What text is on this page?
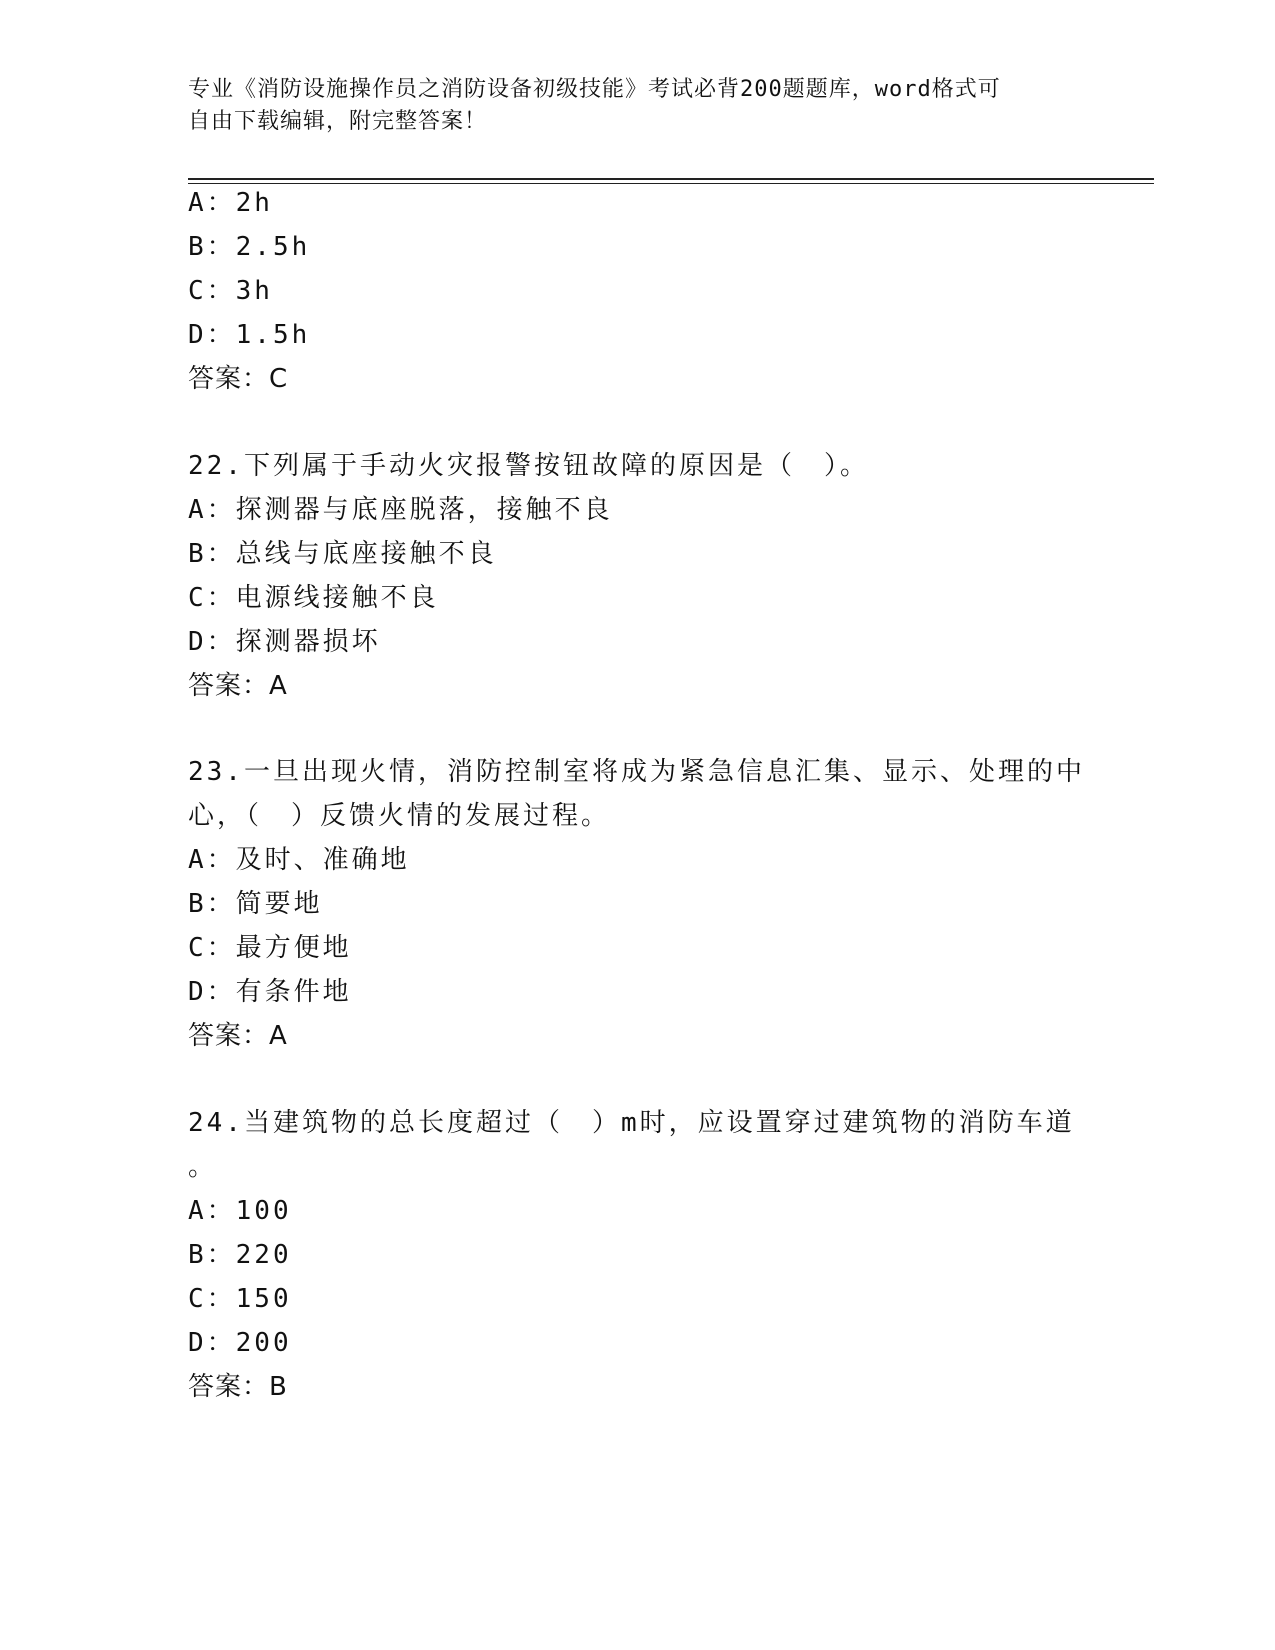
专业《消防设施操作员之消防设备初级技能》考试必背200题题库，word格式可
自由下载编辑，附完整答案！
A：2h
B：2.5h
C：3h
D：1.5h
答案：C
22.下列属于手动火灾报警按钮故障的原因是（　）。
A：探测器与底座脱落，接触不良
B：总线与底座接触不良
C：电源线接触不良
D：探测器损坏
答案：A
23.一旦出现火情，消防控制室将成为紧急信息汇集、显示、处理的中
心，（　）反馈火情的发展过程。
A：及时、准确地
B：简要地
C：最方便地
D：有条件地
答案：A
24.当建筑物的总长度超过（　）m时，应设置穿过建筑物的消防车道
。
A：100
B：220
C：150
D：200
答案：B
